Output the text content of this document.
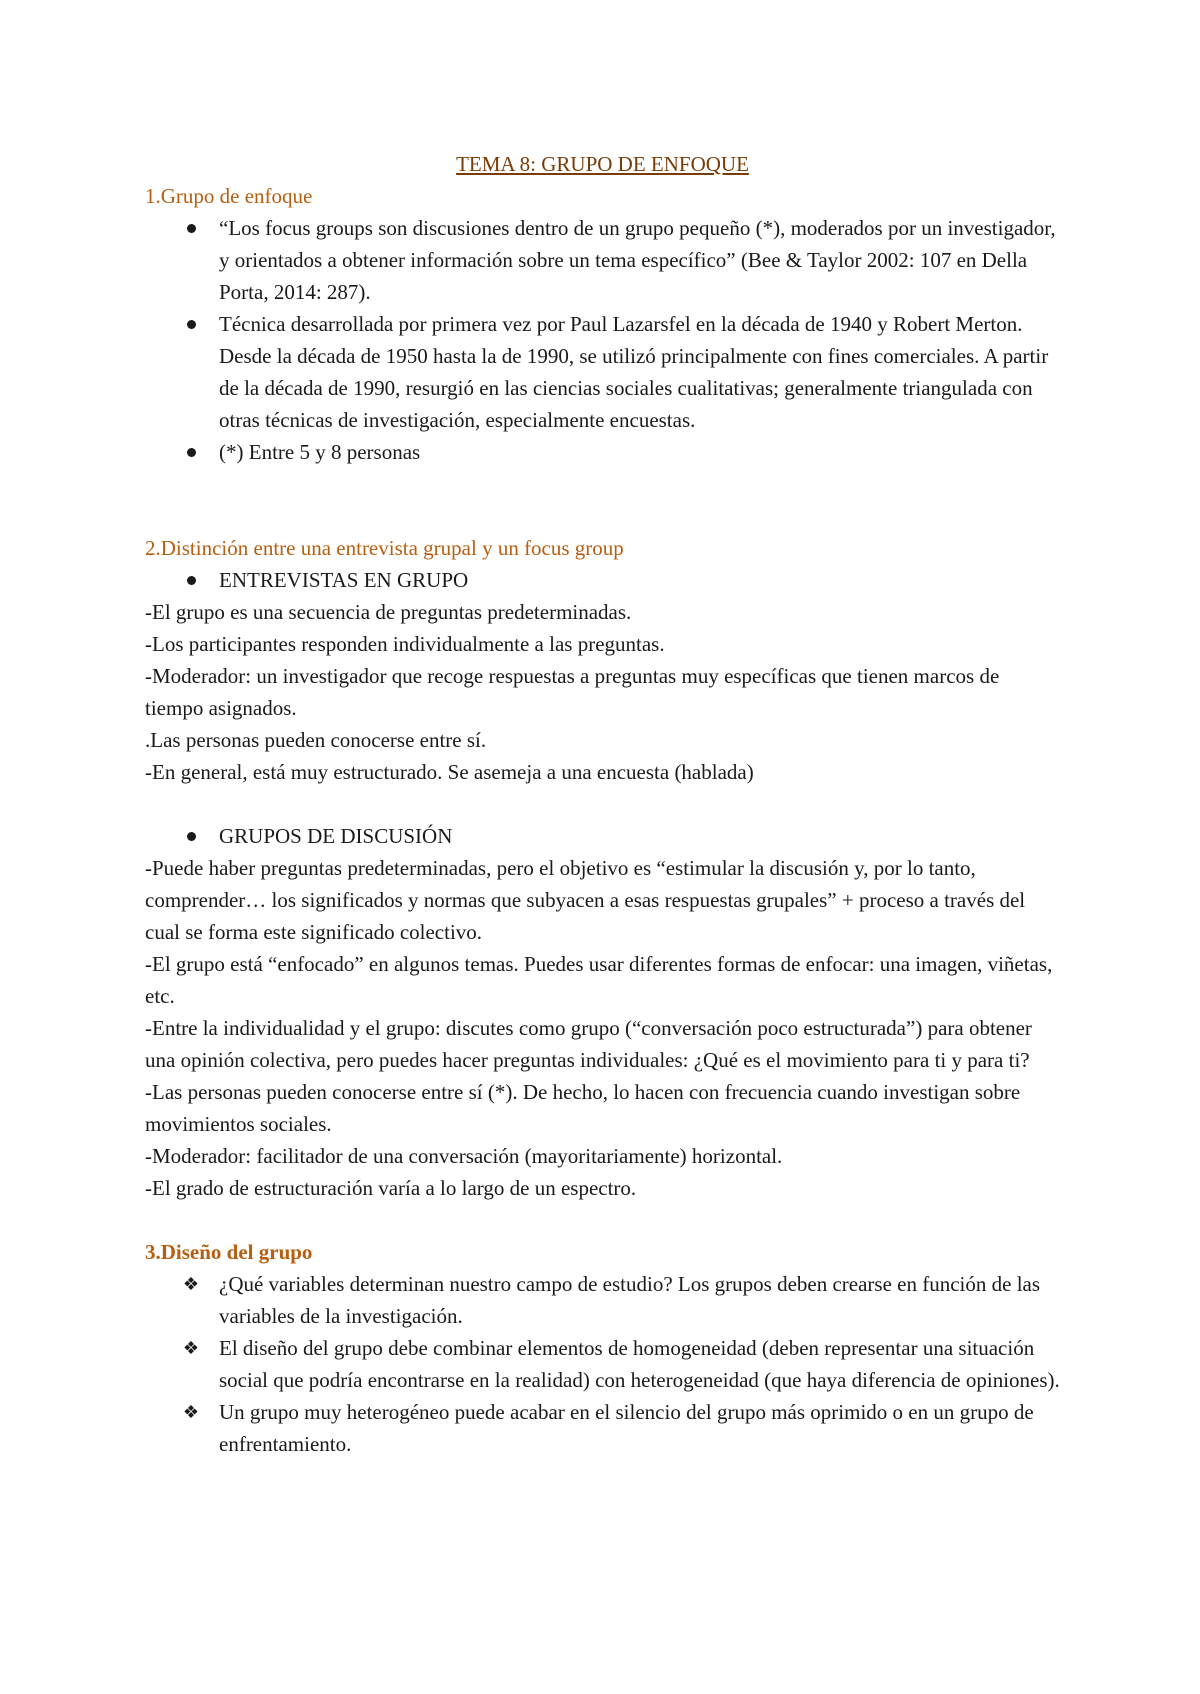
TEMA 8: GRUPO DE ENFOQUE
1.Grupo de enfoque
“Los focus groups son discusiones dentro de un grupo pequeño (*), moderados por un investigador, y orientados a obtener información sobre un tema específico” (Bee & Taylor 2002: 107 en Della Porta, 2014: 287).
Técnica desarrollada por primera vez por Paul Lazarsfel en la década de 1940 y Robert Merton. Desde la década de 1950 hasta la de 1990, se utilizó principalmente con fines comerciales. A partir de la década de 1990, resurgió en las ciencias sociales cualitativas; generalmente triangulada con otras técnicas de investigación, especialmente encuestas.
(*) Entre 5 y 8 personas
2.Distinción entre una entrevista grupal y un focus group
ENTREVISTAS EN GRUPO

-El grupo es una secuencia de preguntas predeterminadas.

-Los participantes responden individualmente a las preguntas.

-Moderador: un investigador que recoge respuestas a preguntas muy específicas que tienen marcos de tiempo asignados.

.Las personas pueden conocerse entre sí.

-En general, está muy estructurado. Se asemeja a una encuesta (hablada)

GRUPOS DE DISCUSIÓN

-Puede haber preguntas predeterminadas, pero el objetivo es “estimular la discusión y, por lo tanto, comprender… los significados y normas que subyacen a esas respuestas grupales” + proceso a través del cual se forma este significado colectivo.

-El grupo está “enfocado” en algunos temas. Puedes usar diferentes formas de enfocar: una imagen, viñetas, etc.

-Entre la individualidad y el grupo: discutes como grupo (“conversación poco estructurada”) para obtener una opinión colectiva, pero puedes hacer preguntas individuales: ¿Qué es el movimiento para ti y para ti?

-Las personas pueden conocerse entre sí (*). De hecho, lo hacen con frecuencia cuando investigan sobre movimientos sociales.

-Moderador: facilitador de una conversación (mayoritariamente) horizontal.

-El grado de estructuración varía a lo largo de un espectro.

3.Diseño del grupo
❖ ¿Qué variables determinan nuestro campo de estudio? Los grupos deben crearse en función de las variables de la investigación.
❖ El diseño del grupo debe combinar elementos de homogeneidad (deben representar una situación social que podría encontrarse en la realidad) con heterogeneidad (que haya diferencia de opiniones).
❖ Un grupo muy heterogéneo puede acabar en el silencio del grupo más oprimido o en un grupo de enfrentamiento.
